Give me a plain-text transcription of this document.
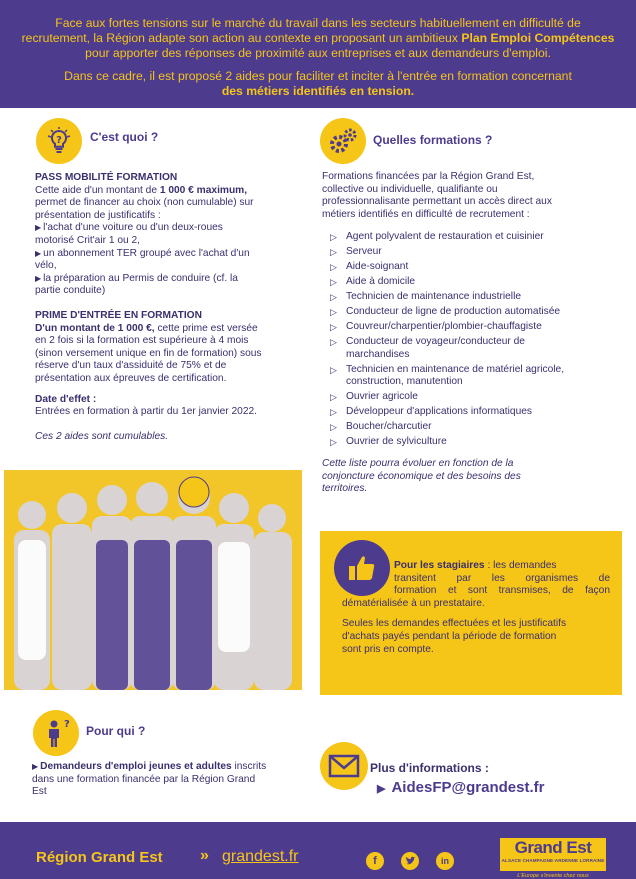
Face aux fortes tensions sur le marché du travail dans les secteurs habituellement en difficulté de recrutement, la Région adapte son action au contexte en proposant un ambitieux Plan Emploi Compétences pour apporter des réponses de proximité aux entreprises et aux demandeurs d'emploi.

Dans ce cadre, il est proposé 2 aides pour faciliter et inciter à l'entrée en formation concernant
des métiers identifiés en tension.

? C'est quoi ?
PASS MOBILITÉ FORMATION
Cette aide d'un montant de 1 000 € maximum,
permet de financer au choix (non cumulable) sur
présentation de justificatifs :
▶ l'achat d'une voiture ou d'un deux-roues
motorisé Crit'air 1 ou 2,
▶ un abonnement TER groupé avec l'achat d'un
vélo,
▶ la préparation au Permis de conduire (cf. la
partie conduite)
PRIME D'ENTRÉE EN FORMATION
D'un montant de 1 000 €, cette prime est versée
en 2 fois si la formation est supérieure à 4 mois
(sinon versement unique en fin de formation) sous
réserve d'un taux d'assiduité de 75% et de
présentation aux épreuves de certification.
Date d'effet :
Entrées en formation à partir du 1er janvier 2022.
Ces 2 aides sont cumulables.
Quelles formations ?
Formations financées par la Région Grand Est,
collective ou individuelle, qualifiante ou
professionnalisante permettant un accès direct aux
métiers identifiés en difficulté de recrutement :
▷ Agent polyvalent de restauration et cuisinier
▷ Serveur
▷ Aide-soignant
▷ Aide à domicile
▷ Technicien de maintenance industrielle
▷ Conducteur de ligne de production automatisée
▷ Couvreur/charpentier/plombier-chauffagiste
▷ Conducteur de voyageur/conducteur de marchandises
▷ Technicien en maintenance de matériel agricole, construction, manutention
▷ Ouvrier agricole
▷ Développeur d'applications informatiques
▷ Boucher/charcutier
▷ Ouvrier de sylviculture
Cette liste pourra évoluer en fonction de la
conjoncture économique et des besoins des
territoires.
Pour les stagiaires : les demandes
transitent par les organismes de
formation et sont transmises, de façon
dématérialisée à un prestataire.
Seules les demandes effectuées et les justificatifs
d'achats payés pendant la période de formation
sont pris en compte.
? Pour qui ?
▶ Demandeurs d'emploi jeunes et adultes inscrits
dans une formation financée par la Région Grand
Est
Plus d'informations :
▶ AidesFP@grandest.fr
Région Grand Est » grandest.fr	f	in
Grand Est
ALSACE CHAMPAGNE-ARDENNE LORRAINE
L'Europe s'invente chez nous
